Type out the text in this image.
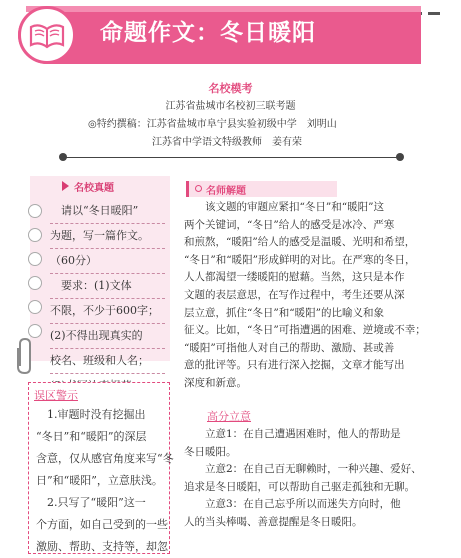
命题作文：冬日暖阳
名校模考
江苏省盐城市名校初三联考题
◎特约撰稿：江苏省盐城市阜宁县实验初级中学　刘明山
江苏省中学语文特级教师　姜有荣
名校真题
　请以“冬日暖阳”
为题，写一篇作文。
（60分）
　要求：(1)文体
不限，不少于600字；
(2)不得出现真实的
校名、班级和人名；
误区警示

　1.审题时没有挖掘出

“冬日”和“暖阳”的深层

含意，仅从感官角度来写“冬

日”和“暖阳”，立意肤浅。

　2.只写了“暖阳”这一

个方面，如自己受到的一些

激励、帮助、支持等，却忽

名师解题

　　该文题的审题应紧扣“冬日”和“暖阳”这

两个关键词，“冬日”给人的感受是冰冷、严寒

和煎熬，“暖阳”给人的感受是温暖、光明和希望，

“冬日”和“暖阳”形成鲜明的对比。在严寒的冬日，

人人都渴望一缕暖阳的慰藉。当然，这只是本作

文题的表层意思，在写作过程中，考生还要从深

层立意，抓住“冬日”和“暖阳”的比喻义和象

征义。比如，“冬日”可指遭遇的困难、逆境或不幸；

“暖阳”可指他人对自己的帮助、激励、甚或善

意的批评等。只有进行深入挖掘，文章才能写出

深度和新意。

高分立意

　　立意1：在自己遭遇困难时，他人的帮助是

冬日暖阳。

　　立意2：在自己百无聊赖时，一种兴趣、爱好、

追求是冬日暖阳，可以帮助自己驱走孤独和无聊。

　　立意3：在自己忘乎所以而迷失方向时，他

人的当头棒喝、善意提醒是冬日暖阳。
